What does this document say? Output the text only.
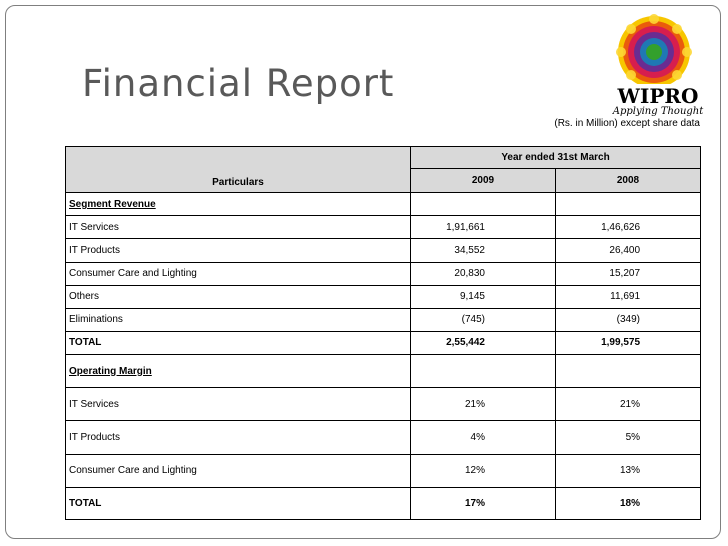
Financial Report	WIPRO
Applying Thought
(Rs. in Million) except share data
Particulars	Year ended 31st March	
	2009	2008
Segment Revenue		
IT Services	1,91,661	1,46,626
IT Products	34,552	26,400
Consumer Care and Lighting	20,830	15,207
Others	9,145	11,691
Eliminations	(745)	(349)
TOTAL	2,55,442	1,99,575
Operating Margin		
IT Services	21%	21%
IT Products	4%	5%
Consumer Care and Lighting	12%	13%
TOTAL	17%	18%
